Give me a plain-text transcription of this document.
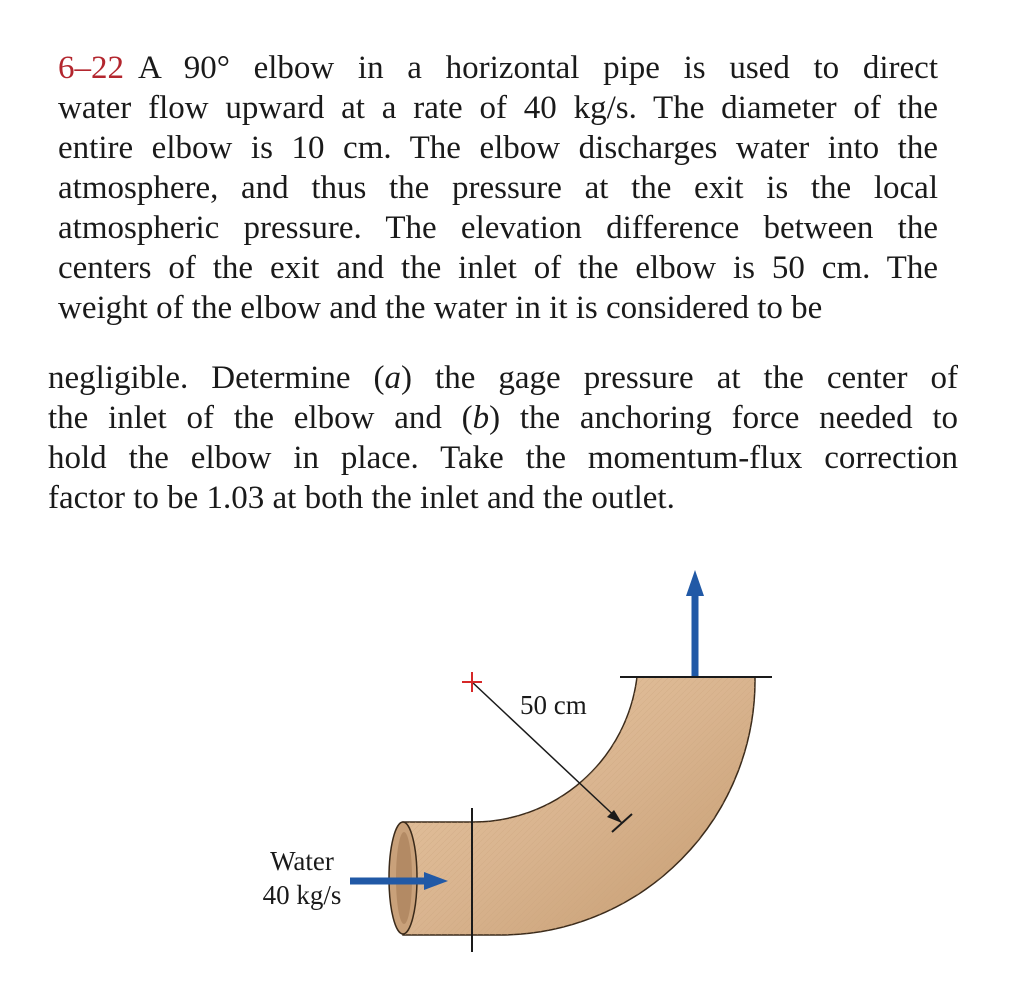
6–22 A 90° elbow in a horizontal pipe is used to direct
water flow upward at a rate of 40 kg/s. The diameter of the
entire elbow is 10 cm. The elbow discharges water into the
atmosphere, and thus the pressure at the exit is the local
atmospheric pressure. The elevation difference between the
centers of the exit and the inlet of the elbow is 50 cm. The
weight of the elbow and the water in it is considered to be
negligible. Determine (a) the gage pressure at the center of
the inlet of the elbow and (b) the anchoring force needed to
hold the elbow in place. Take the momentum-flux correction
factor to be 1.03 at both the inlet and the outlet.
Water
40 kg/s
50 cm
